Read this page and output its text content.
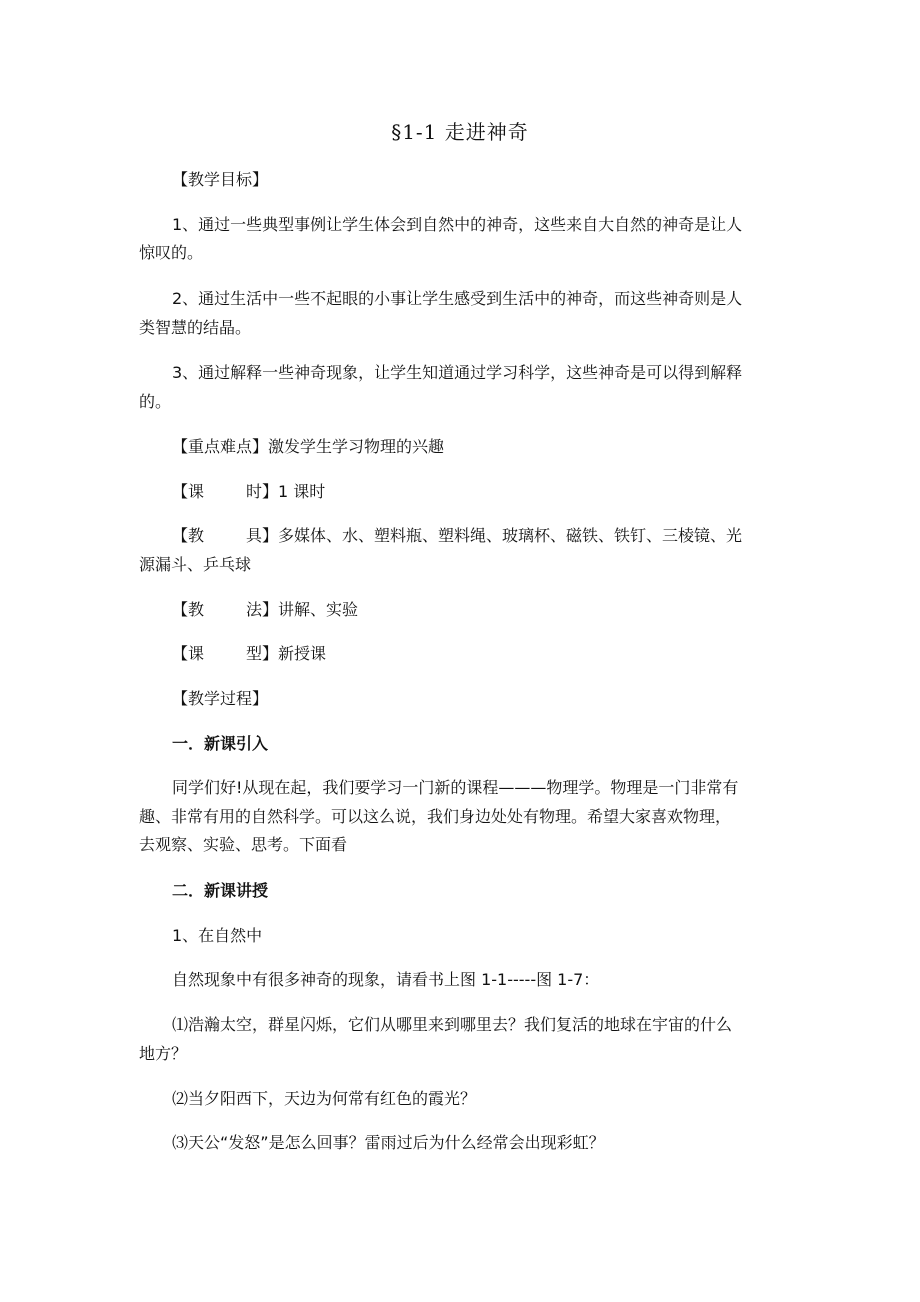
§1-1 走进神奇
【教学目标】
1、通过一些典型事例让学生体会到自然中的神奇，这些来自大自然的神奇是让人
惊叹的。
2、通过生活中一些不起眼的小事让学生感受到生活中的神奇，而这些神奇则是人
类智慧的结晶。
3、通过解释一些神奇现象，让学生知道通过学习科学，这些神奇是可以得到解释
的。
【重点难点】激发学生学习物理的兴趣
【课	时】1 课时
【教	具】多媒体、水、塑料瓶、塑料绳、玻璃杯、磁铁、铁钉、三棱镜、光
源漏斗、乒乓球
【教	法】讲解、实验
【课	型】新授课
【教学过程】
一．新课引入
同学们好!从现在起，我们要学习一门新的课程———物理学。物理是一门非常有
趣、非常有用的自然科学。可以这么说，我们身边处处有物理。希望大家喜欢物理，
去观察、实验、思考。下面看
二．新课讲授
1、在自然中
自然现象中有很多神奇的现象，请看书上图 1-1-----图 1-7：
⑴浩瀚太空，群星闪烁，它们从哪里来到哪里去？我们复活的地球在宇宙的什么
地方？
⑵当夕阳西下，天边为何常有红色的霞光？
⑶天公“发怒”是怎么回事？雷雨过后为什么经常会出现彩虹？
